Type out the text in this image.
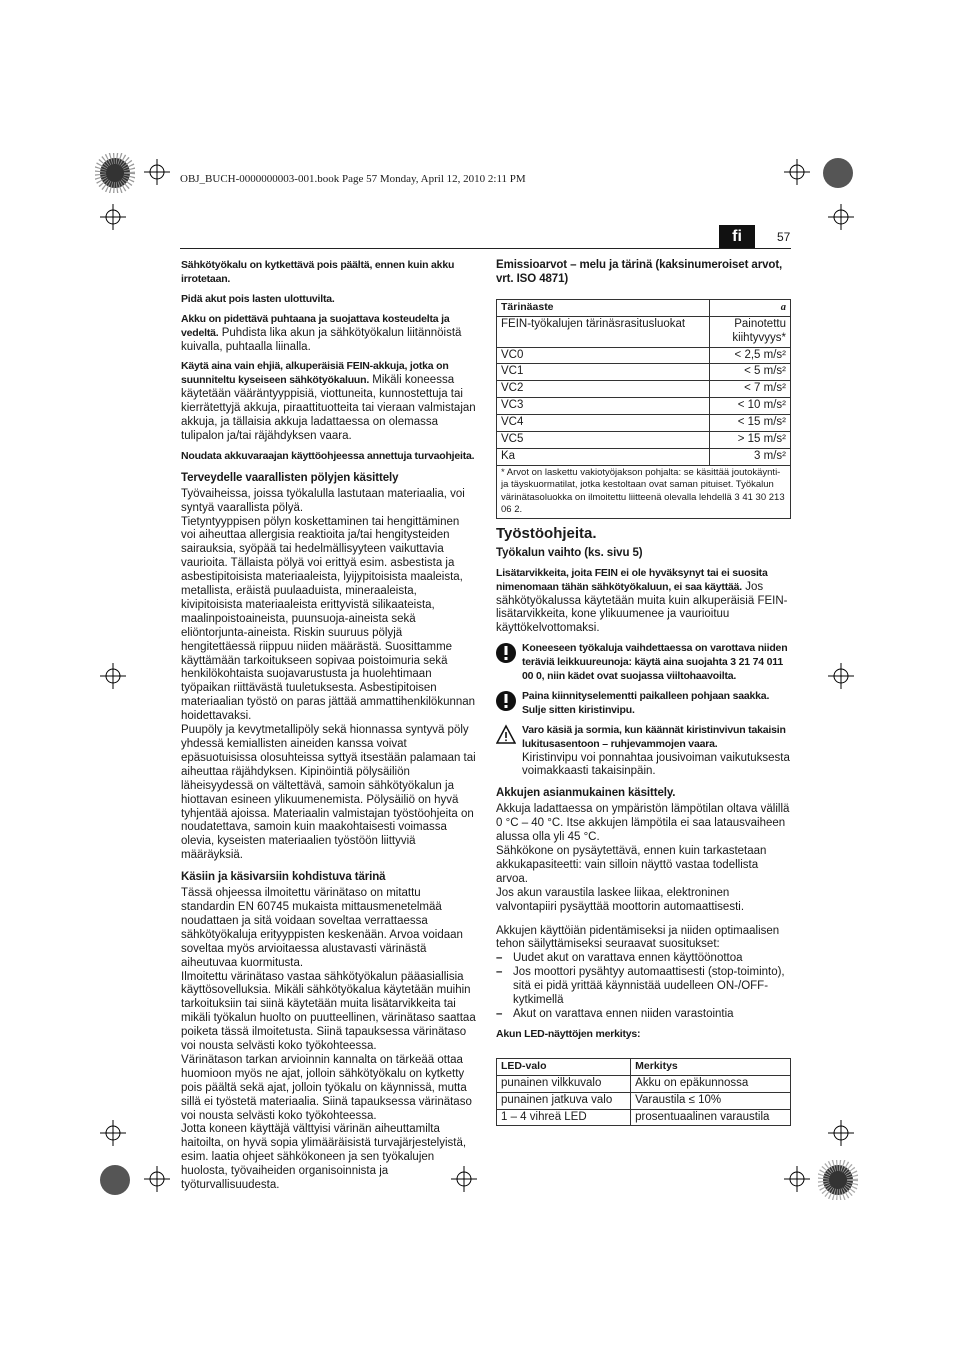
OBJ_BUCH-0000000003-001.book Page 57 Monday, April 12, 2010 2:11 PM
fi	57

Sähkötyökalu on kytkettävä pois päältä, ennen kuin akku irrotetaan.

Pidä akut pois lasten ulottuvilta.

Akku on pidettävä puhtaana ja suojattava kosteudelta ja vedeltä. Puhdista lika akun ja sähkötyökalun liitännöistä kuivalla, puhtaalla liinalla.

Käytä aina vain ehjiä, alkuperäisiä FEIN-akkuja, jotka on suunniteltu kyseiseen sähkötyökaluun. Mikäli koneessa käytetään vääräntyyppisiä, viottuneita, kunnostettuja tai kierrätettyjä akkuja, piraattituotteita tai vieraan valmistajan akkuja, ja tällaisia akkuja ladattaessa on olemassa tulipalon ja/tai räjähdyksen vaara.

Noudata akkuvaraajan käyttöohjeessa annettuja turvaohjeita.

Terveydelle vaarallisten pölyjen käsittely

Työvaiheissa, joissa työkalulla lastutaan materiaalia, voi syntyä vaarallista pölyä.
Tietyntyyppisen pölyn koskettaminen tai hengittäminen voi aiheuttaa allergisia reaktioita ja/tai hengitysteiden sairauksia, syöpää tai hedelmällisyyteen vaikuttavia vaurioita. Tällaista pölyä voi erittyä esim. asbestista ja asbestipitoisista materiaaleista, lyijypitoisista maaleista, metallista, eräistä puulaaduista, mineraaleista, kivipitoisista materiaaleista erittyvistä silikaateista, maalinpoistoaineista, puunsuoja-aineista sekä eliöntorjunta-aineista. Riskin suuruus pölyjä hengitettäessä riippuu niiden määrästä. Suosittamme käyttämään tarkoitukseen sopivaa poistoimuria sekä henkilökohtaista suojavarustusta ja huolehtimaan työpaikan riittävästä tuuletuksesta. Asbestipitoisen materiaalian työstö on paras jättää ammattihenkilökunnan hoidettavaksi.
Puupöly ja kevytmetallipöly sekä hionnassa syntyvä pöly yhdessä kemiallisten aineiden kanssa voivat epäsuotuisissa olosuhteissa syttyä itsestään palamaan tai aiheuttaa räjähdyksen. Kipinöintiä pölysäiliön läheisyydessä on vältettävä, samoin sähkötyökalun ja hiottavan esineen ylikuumenemista. Pölysäiliö on hyvä tyhjentää ajoissa. Materiaalin valmistajan työstöohjeita on noudatettava, samoin kuin maakohtaisesti voimassa olevia, kyseisten materiaalien työstöön liittyviä määräyksiä.

Käsiin ja käsivarsiin kohdistuva tärinä

Tässä ohjeessa ilmoitettu värinätaso on mitattu standardin EN 60745 mukaista mittausmenetelmää noudattaen ja sitä voidaan soveltaa verrattaessa sähkötyökaluja erityyppisten keskenään. Arvoa voidaan soveltaa myös arvioitaessa alustavasti värinästä aiheutuvaa kuormitusta.
Ilmoitettu värinätaso vastaa sähkötyökalun pääasiallisia käyttösovelluksia. Mikäli sähkötyökalua käytetään muihin tarkoituksiin tai siinä käytetään muita lisätarvikkeita tai mikäli työkalun huolto on puutteellinen, värinätaso saattaa poiketa tässä ilmoitetusta. Siinä tapauksessa värinätaso voi nousta selvästi koko työkohteessa.
Värinätason tarkan arvioinnin kannalta on tärkeää ottaa huomioon myös ne ajat, jolloin sähkötyökalu on kytketty pois päältä sekä ajat, jolloin työkalu on käynnissä, mutta sillä ei työstetä materiaalia. Siinä tapauksessa värinätaso voi nousta selvästi koko työkohteessa.
Jotta koneen käyttäjä välttyisi värinän aiheuttamilta haitoilta, on hyvä sopia ylimääräisistä turvajärjestelyistä, esim. laatia ohjeet sähkökoneen ja sen työkalujen huolosta, työvaiheiden organisoinnista ja työturvallisuudesta.

Emissioarvot – melu ja tärinä (kaksinumeroiset arvot, vrt. ISO 4871)
Tärinäaste	a
FEIN-työkalujen tärinäsrasitusluokat	Painotettu kiihtyvyys*
VC0	< 2,5 m/s²
VC1	< 5 m/s²
VC2	< 7 m/s²
VC3	< 10 m/s²
VC4	< 15 m/s²
VC5	> 15 m/s²
Ka	3 m/s²
* Arvot on laskettu vakiotyöjakson pohjalta: se käsittää joutokäynti- ja täyskuormatilat, jotka kestoltaan ovat saman pituiset. Työkalun värinätasoluokka on ilmoitettu liitteenä olevalla lehdellä 3 41 30 213 06 2.	
Työstöohjeita.
Työkalun vaihto (ks. sivu 5)

Lisätarvikkeita, joita FEIN ei ole hyväksynyt tai ei suosita nimenomaan tähän sähkötyökaluun, ei saa käyttää. Jos sähkötyökalussa käytetään muita kuin alkuperäisiä FEIN-lisätarvikkeita, kone ylikuumenee ja vaurioituu käyttökelvottomaksi.

Koneeseen työkaluja vaihdettaessa on varottava niiden teräviä leikkuureunoja: käytä aina suojahta 3 21 74 011 00 0, niin kädet ovat suojassa viiltohaavoilta.
Paina kiinnityselementti paikalleen pohjaan saakka. Sulje sitten kiristinvipu.
Varo käsiä ja sormia, kun käännät kiristinvivun takaisin lukitusasentoon – ruhjevammojen vaara.
Kiristinvipu voi ponnahtaa jousivoiman vaikutuksesta voimakkaasti takaisinpäin.
Akkujen asianmukainen käsittely.

Akkuja ladattaessa on ympäristön lämpötilan oltava välillä 0 °C – 40 °C. Itse akkujen lämpötila ei saa latausvaiheen alussa olla yli 45 °C.
Sähkökone on pysäytettävä, ennen kuin tarkastetaan akkukapasiteetti: vain silloin näyttö vastaa todellista arvoa.
Jos akun varaustila laskee liikaa, elektroninen valvontapiiri pysäyttää moottorin automaattisesti.

Akkujen käyttöiän pidentämiseksi ja niiden optimaalisen tehon säilyttämiseksi seuraavat suositukset:

– Uudet akut on varattava ennen käyttöönottoa
– Jos moottori pysähtyy automaattisesti (stop-toiminto), sitä ei pidä yrittää käynnistää uudelleen ON-/OFF-kytkimellä
– Akut on varattava ennen niiden varastointia

Akun LED-näyttöjen merkitys:

LED-valo	Merkitys
punainen vilkkuvalo	Akku on epäkunnossa
punainen jatkuva valo	Varaustila ≤ 10%
1 – 4 vihreä LED	prosentuaalinen varaustila
